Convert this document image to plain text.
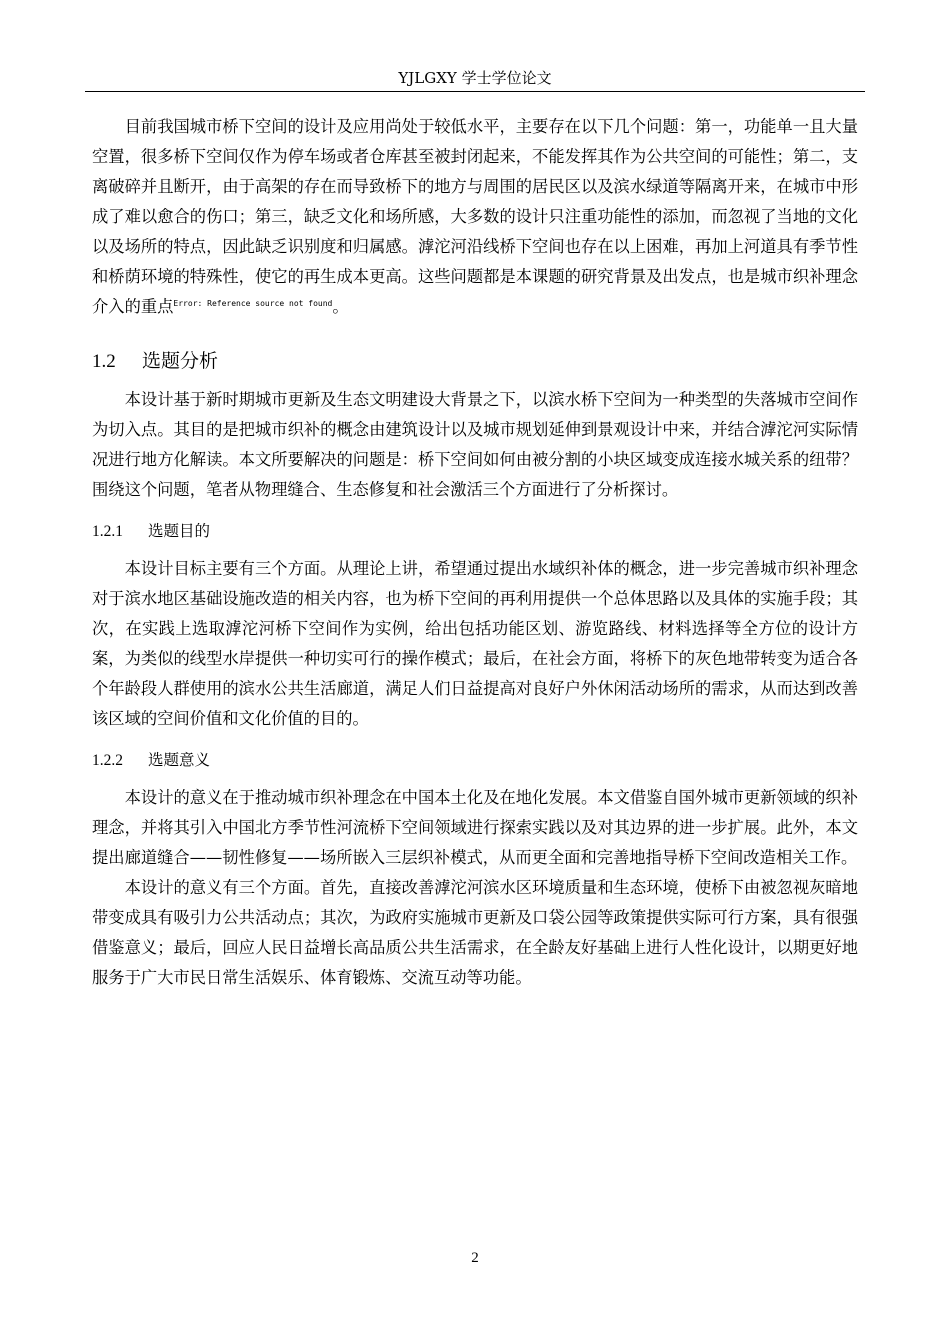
YJLGXY 学士学位论文

目前我国城市桥下空间的设计及应用尚处于较低水平，主要存在以下几个问题：第一，功能单一且大量空置，很多桥下空间仅作为停车场或者仓库甚至被封闭起来，不能发挥其作为公共空间的可能性；第二，支离破碎并且断开，由于高架的存在而导致桥下的地方与周围的居民区以及滨水绿道等隔离开来，在城市中形成了难以愈合的伤口；第三，缺乏文化和场所感，大多数的设计只注重功能性的添加，而忽视了当地的文化以及场所的特点，因此缺乏识别度和归属感。滹沱河沿线桥下空间也存在以上困难，再加上河道具有季节性和桥荫环境的特殊性，使它的再生成本更高。这些问题都是本课题的研究背景及出发点，也是城市织补理念介入的重点$^{Error: Reference source not found}$。

1.2 选题分析

本设计基于新时期城市更新及生态文明建设大背景之下，以滨水桥下空间为一种类型的失落城市空间作为切入点。其目的是把城市织补的概念由建筑设计以及城市规划延伸到景观设计中来，并结合滹沱河实际情况进行地方化解读。本文所要解决的问题是：桥下空间如何由被分割的小块区域变成连接水城关系的纽带？围绕这个问题，笔者从物理缝合、生态修复和社会激活三个方面进行了分析探讨。

1.2.1 选题目的

本设计目标主要有三个方面。从理论上讲，希望通过提出水域织补体的概念，进一步完善城市织补理念对于滨水地区基础设施改造的相关内容，也为桥下空间的再利用提供一个总体思路以及具体的实施手段；其次，在实践上选取滹沱河桥下空间作为实例，给出包括功能区划、游览路线、材料选择等全方位的设计方案，为类似的线型水岸提供一种切实可行的操作模式；最后，在社会方面，将桥下的灰色地带转变为适合各个年龄段人群使用的滨水公共生活廊道，满足人们日益提高对良好户外休闲活动场所的需求，从而达到改善该区域的空间价值和文化价值的目的。

1.2.2 选题意义

本设计的意义在于推动城市织补理念在中国本土化及在地化发展。本文借鉴自国外城市更新领域的织补理念，并将其引入中国北方季节性河流桥下空间领域进行探索实践以及对其边界的进一步扩展。此外，本文提出廊道缝合——韧性修复——场所嵌入三层织补模式，从而更全面和完善地指导桥下空间改造相关工作。

本设计的意义有三个方面。首先，直接改善滹沱河滨水区环境质量和生态环境，使桥下由被忽视灰暗地带变成具有吸引力公共活动点；其次，为政府实施城市更新及口袋公园等政策提供实际可行方案，具有很强借鉴意义；最后，回应人民日益增长高品质公共生活需求，在全龄友好基础上进行人性化设计，以期更好地服务于广大市民日常生活娱乐、体育锻炼、交流互动等功能。

2
